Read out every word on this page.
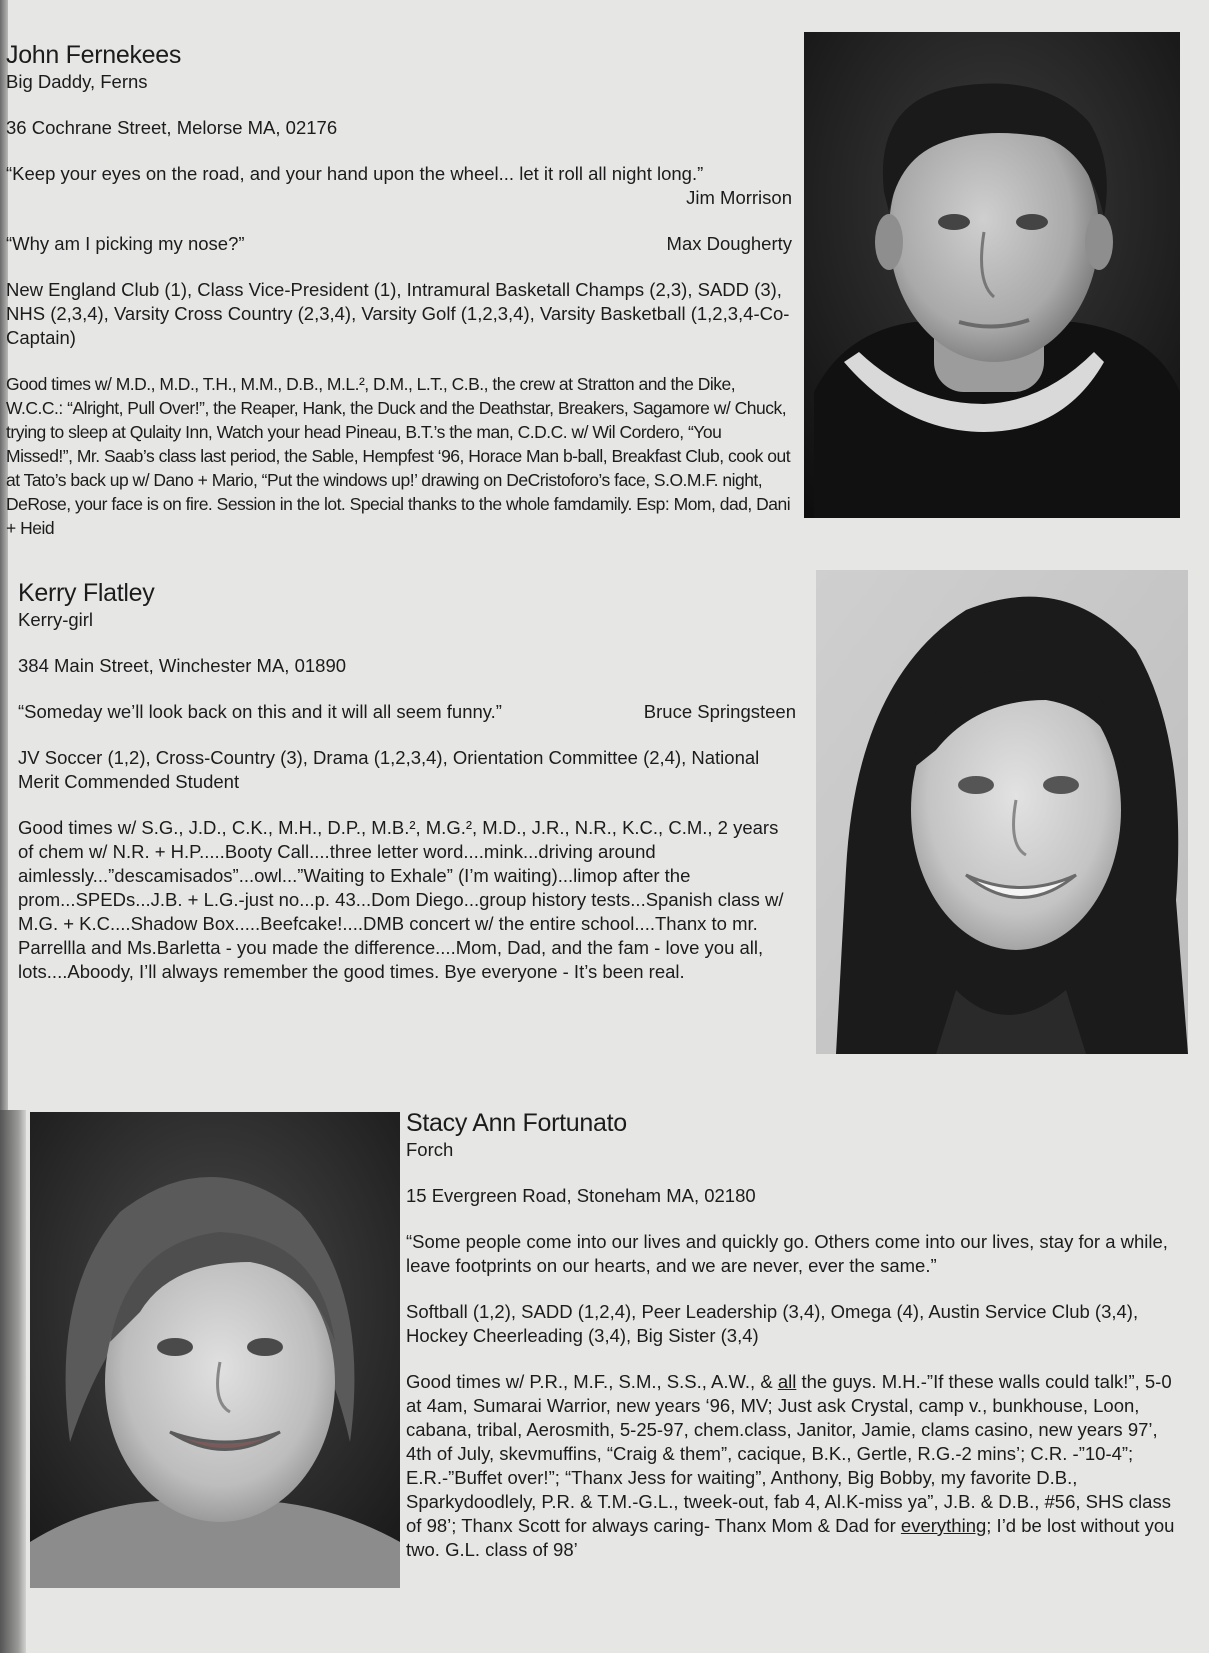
John Fernekees

Big Daddy, Ferns

36 Cochrane Street, Melorse MA, 02176

“Keep your eyes on the road, and your hand upon the wheel... let it roll all night long.”

Jim Morrison

“Why am I picking my nose?”	Max Dougherty

New England Club (1), Class Vice-President (1), Intramural Basketall Champs (2,3), SADD (3), NHS (2,3,4), Varsity Cross Country (2,3,4), Varsity Golf (1,2,3,4), Varsity Basketball (1,2,3,4-Co-Captain)

Good times w/ M.D., M.D., T.H., M.M., D.B., M.L.², D.M., L.T., C.B., the crew at Stratton and the Dike, W.C.C.: “Alright, Pull Over!”, the Reaper, Hank, the Duck and the Deathstar, Breakers, Sagamore w/ Chuck, trying to sleep at Qulaity Inn, Watch your head Pineau, B.T.’s the man, C.D.C. w/ Wil Cordero, “You Missed!”, Mr. Saab’s class last period, the Sable, Hempfest ‘96, Horace Man b-ball, Breakfast Club, cook out at Tato’s back up w/ Dano + Mario, “Put the windows up!’ drawing on DeCristoforo’s face, S.O.M.F. night, DeRose, your face is on fire. Session in the lot. Special thanks to the whole famdamily. Esp: Mom, dad, Dani + Heid

Kerry Flatley

Kerry-girl

384 Main Street, Winchester MA, 01890

“Someday we’ll look back on this and it will all seem funny.”	Bruce Springsteen

JV Soccer (1,2), Cross-Country (3), Drama (1,2,3,4), Orientation Committee (2,4), National Merit Commended Student

Good times w/ S.G., J.D., C.K., M.H., D.P., M.B.², M.G.², M.D., J.R., N.R., K.C., C.M., 2 years of chem w/ N.R. + H.P.....Booty Call....three letter word....mink...driving around aimlessly...”descamisados”...owl...”Waiting to Exhale” (I’m waiting)...limop after the prom...SPEDs...J.B. + L.G.-just no...p. 43...Dom Diego...group history tests...Spanish class w/ M.G. + K.C....Shadow Box.....Beefcake!....DMB concert w/ the entire school....Thanx to mr. Parrellla and Ms.Barletta - you made the difference....Mom, Dad, and the fam - love you all, lots....Aboody, I’ll always remember the good times. Bye everyone - It’s been real.

Stacy Ann Fortunato

Forch

15 Evergreen Road, Stoneham MA, 02180

“Some people come into our lives and quickly go. Others come into our lives, stay for a while, leave footprints on our hearts, and we are never, ever the same.”

Softball (1,2), SADD (1,2,4), Peer Leadership (3,4), Omega (4), Austin Service Club (3,4), Hockey Cheerleading (3,4), Big Sister (3,4)

Good times w/ P.R., M.F., S.M., S.S., A.W., & all the guys. M.H.-”If these walls could talk!”, 5-0 at 4am, Sumarai Warrior, new years ‘96, MV; Just ask Crystal, camp v., bunkhouse, Loon, cabana, tribal, Aerosmith, 5-25-97, chem.class, Janitor, Jamie, clams casino, new years 97’, 4th of July, skevmuffins, “Craig & them”, cacique, B.K., Gertle, R.G.-2 mins’; C.R. -”10-4”; E.R.-”Buffet over!”; “Thanx Jess for waiting”, Anthony, Big Bobby, my favorite D.B., Sparkydoodlely, P.R. & T.M.-G.L., tweek-out, fab 4, Al.K-miss ya”, J.B. & D.B., #56, SHS class of 98’; Thanx Scott for always caring- Thanx Mom & Dad for everything; I’d be lost without you two. G.L. class of 98’
